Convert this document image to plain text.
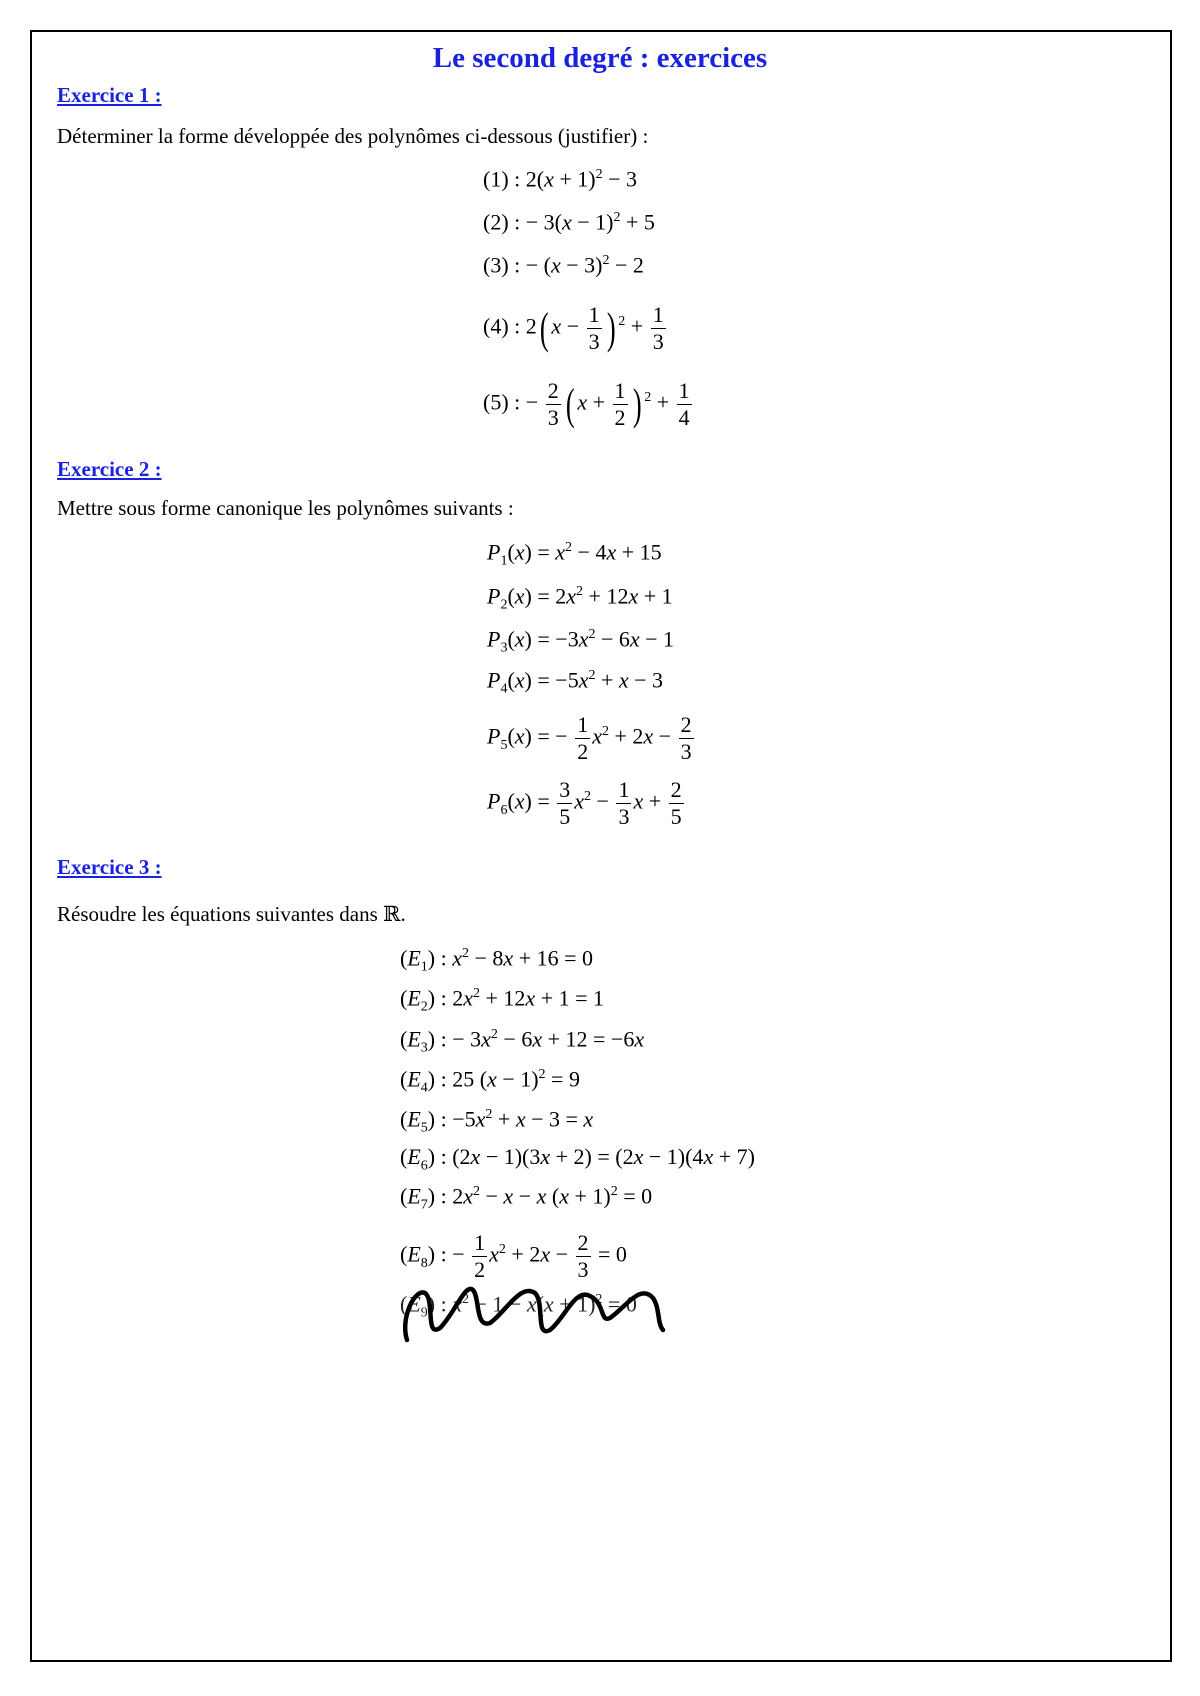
Le second degré : exercices
Exercice 1 :
Déterminer la forme développée des polynômes ci-dessous (justifier) :
(1) : $2(x + 1)^2 - 3$
(2) : − $3(x - 1)^2 + 5$
(3) : − $(x - 3)^2 - 2$
(4) : 2( $x - \frac{1}{3}$ ) $^2 + \frac{1}{3}$
(5) : − $\frac{2}{3}$ ( $x + \frac{1}{2}$ ) $^2 + \frac{1}{4}$
Exercice 2 :
Mettre sous forme canonique les polynômes suivants :
$P_1(x) = x^2 - 4x + 15$
$P_2(x) = 2x^2 + 12x + 1$
$P_3(x) = -3x^2 - 6x - 1$
$P_4(x) = -5x^2 + x - 3$
$P_5(x)$ = − $\frac{1}{2} x^2 + 2x - \frac{2}{3}$
$P_6(x) = \frac{3}{5} x^2 - \frac{1}{3}$ $x + \frac{2}{5}$
Exercice 3 :
Résoudre les équations suivantes dans ℝ.
$(E_1)$ : $x^2 - 8x + 16 = 0$
$(E_2)$ : $2x^2 + 12x + 1 = 1$
$(E_3)$ : − $3x^2 - 6x + 12 = -6x$
$(E_4)$ : 25 $(x - 1)^2 = 9$
$(E_5)$ : $-5x^2 + x - 3 = x$
$(E_6)$ : (2x − 1)(3x + 2) = (2x − 1)(4x + 7)
$(E_7)$ : $2x^2 - x - x$ $(x + 1)^2 = 0$
$(E_8)$ : − $\frac{1}{2} x^2 + 2x - \frac{2}{3} = 0$
$(E_9)$ : $x^2 - 1 - x(x + 1)^2 = 0$
